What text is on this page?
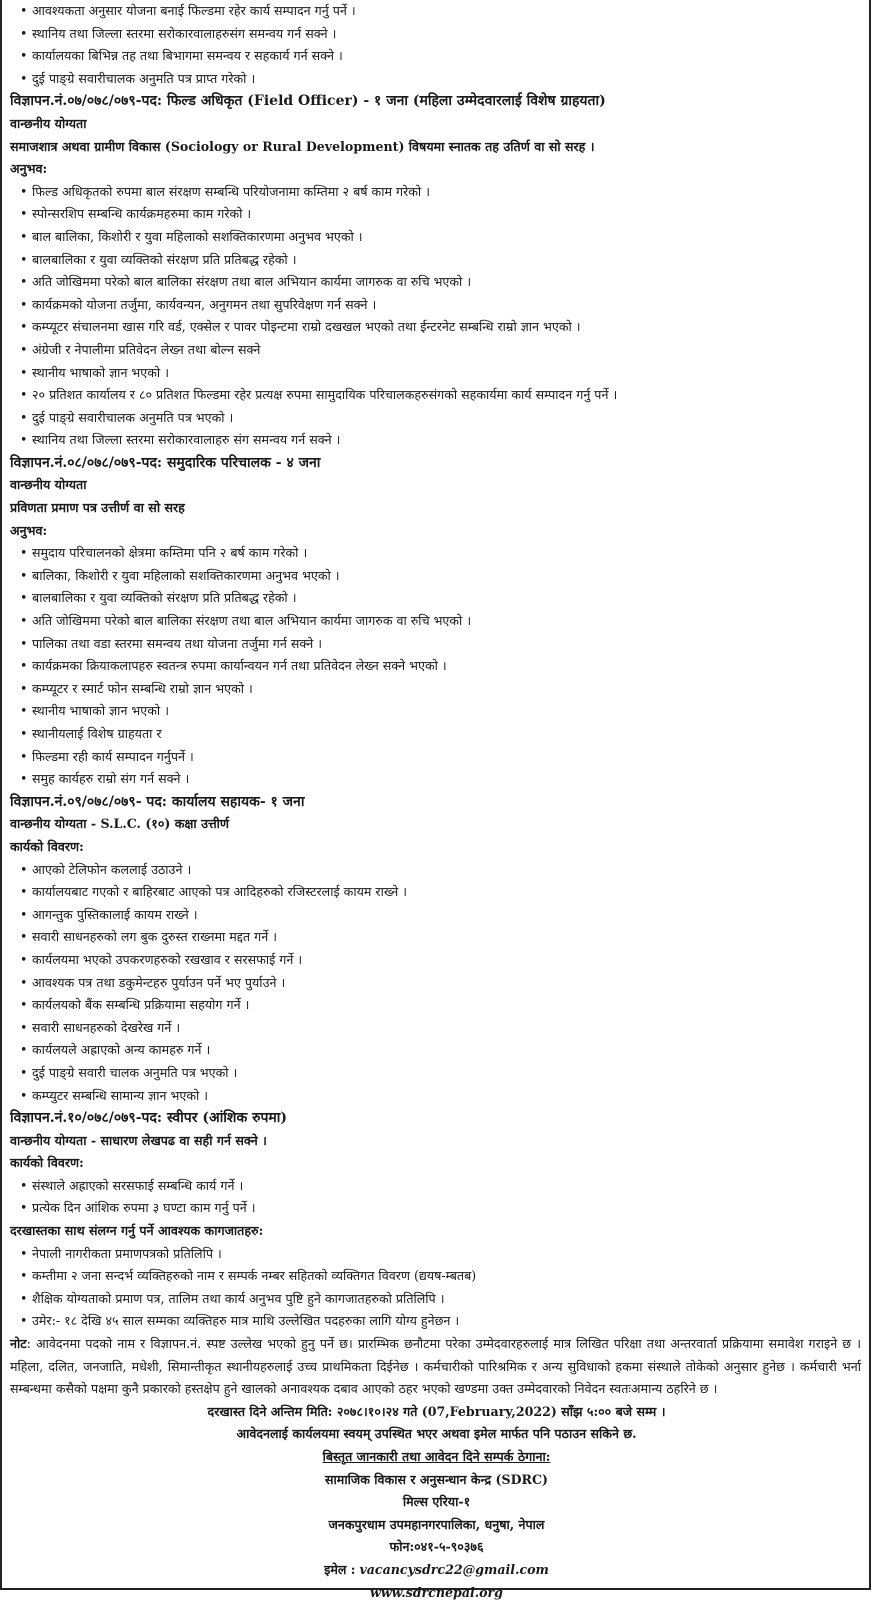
• आवश्यकता अनुसार योजना बनाई फिल्डमा रहेर कार्य सम्पादन गर्नु पर्ने ।
• स्थानिय तथा जिल्ला स्तरमा सरोकारवालाहरुसंग समन्वय गर्न सक्ने ।
• कार्यालयका बिभिन्न तह तथा बिभागमा समन्वय र सहकार्य गर्न सक्ने ।
• दुई पाङ्ग्रे सवारीचालक अनुमति पत्र प्राप्त गरेको ।
विज्ञापन.नं.०७/०७८/०७९-पद: फिल्ड अधिकृत (Field Officer) - १ जना (महिला उम्मेदवारलाई विशेष ग्राहयता)
वान्छनीय योग्यता
समाजशात्र अथवा ग्रामीण विकास (Sociology or Rural Development) विषयमा स्नातक तह उतिर्ण वा सो सरह ।
अनुभव:
• फिल्ड अधिकृतको रुपमा बाल संरक्षण सम्बन्धि परियोजनामा कम्तिमा २ बर्ष काम गरेको ।
• स्पोन्सरशिप सम्बन्धि कार्यक्रमहरुमा काम गरेको ।
• बाल बालिका, किशोरी र युवा महिलाको सशक्तिकारणमा अनुभव भएको ।
• बालबालिका र युवा व्यक्तिको संरक्षण प्रति प्रतिबद्ध रहेको ।
• अति जोखिममा परेको बाल बालिका संरक्षण तथा बाल अभियान कार्यमा जागरुक वा रुचि भएको ।
• कार्यक्रमको योजना तर्जुमा, कार्यवन्यन, अनुगमन तथा सुपरिवेक्षण गर्न सक्ने ।
• कम्प्यूटर संचालनमा खास गरि वर्ड, एक्सेल र पावर पोइन्टमा राम्रो दखखल भएको तथा ईन्टरनेट सम्बन्धि राम्रो ज्ञान भएको ।
• अंग्रेजी र नेपालीमा प्रतिवेदन लेख्न तथा बोल्न सक्ने
• स्थानीय भाषाको ज्ञान भएको ।
• २० प्रतिशत कार्यालय र ८० प्रतिशत फिल्डमा रहेर प्रत्यक्ष रुपमा सामुदायिक परिचालकहरुसंगको सहकार्यमा कार्य सम्पादन गर्नु पर्ने ।
• दुई पाङ्ग्रे सवारीचालक अनुमति पत्र भएको ।
• स्थानिय तथा जिल्ला स्तरमा सरोकारवालाहरु संग समन्वय गर्न सक्ने ।
विज्ञापन.नं.०८/०७८/०७९-पद: समुदारिक परिचालक - ४ जना
वान्छनीय योग्यता
प्रविणता प्रमाण पत्र उत्तीर्ण वा सो सरह
अनुभव:
• समुदाय परिचालनको क्षेत्रमा कम्तिमा पनि २ बर्ष काम गरेको ।
• बालिका, किशोरी र युवा महिलाको सशक्तिकारणमा अनुभव भएको ।
• बालबालिका र युवा व्यक्तिको संरक्षण प्रति प्रतिबद्ध रहेको ।
• अति जोखिममा परेको बाल बालिका संरक्षण तथा बाल अभियान कार्यमा जागरुक वा रुचि भएको ।
• पालिका तथा वडा स्तरमा समन्वय तथा योजना तर्जुमा गर्न सक्ने ।
• कार्यक्रमका क्रियाकलापहरु स्वतन्त्र रुपमा कार्यान्वयन गर्न तथा प्रतिवेदन लेख्न सक्ने भएको ।
• कम्प्यूटर र स्मार्ट फोन सम्बन्धि राम्रो ज्ञान भएको ।
• स्थानीय भाषाको ज्ञान भएको ।
• स्थानीयलाई विशेष ग्राहयता र
• फिल्डमा रही कार्य सम्पादन गर्नुपर्ने ।
• समुह कार्यहरु राम्रो संग गर्न सक्ने ।
विज्ञापन.नं.०९/०७८/०७९- पद: कार्यालय सहायक- १ जना
वान्छनीय योग्यता - S.L.C. (१०) कक्षा उत्तीर्ण
कार्यको विवरण:
• आएको टेलिफोन कललाई उठाउने ।
• कार्यालयबाट गएको र बाहिरबाट आएको पत्र आदिहरुको रजिस्टरलाई कायम राख्ने ।
• आगन्तुक पुस्तिकालाई कायम राख्ने ।
• सवारी साधनहरुको लग बुक दुरुस्त राख्नमा मद्दत गर्ने ।
• कार्यलयमा भएको उपकरणहरुको रखखाव र सरसफाई गर्ने ।
• आवश्यक पत्र तथा डकुमेन्टहरु पुर्याउन पर्ने भए पुर्याउने ।
• कार्यलयको बैंक सम्बन्धि प्रक्रियामा सहयोग गर्ने ।
• सवारी साधनहरुको देखरेख गर्ने ।
• कार्यलयले अह्राएको अन्य कामहरु गर्ने ।
• दुई पाङ्ग्रे सवारी चालक अनुमति पत्र भएको ।
• कम्प्युटर सम्बन्धि सामान्य ज्ञान भएको ।
विज्ञापन.नं.१०/०७८/०७९-पद: स्वीपर (आंशिक रुपमा)
वान्छनीय योग्यता - साधारण लेखपढ वा सही गर्न सक्ने ।
कार्यको विवरण:
• संस्थाले अह्राएको सरसफाई सम्बन्धि कार्य गर्ने ।
• प्रत्येक दिन आंशिक रुपमा ३ घण्टा काम गर्नु पर्ने ।
दरखास्तका साथ संलग्न गर्नु पर्ने आवश्यक कागजातहरु:
• नेपाली नागरीकता प्रमाणपत्रको प्रतिलिपि ।
• कम्तीमा २ जना सन्दर्भ व्यक्तिहरुको नाम र सम्पर्क नम्बर सहितको व्यक्तिगत विवरण (द्ययष-म्बतब)
• शैक्षिक योग्यताको प्रमाण पत्र, तालिम तथा कार्य अनुभव पुष्टि हुने कागजातहरुको प्रतिलिपि ।
• उमेर:- १८ देखि ४५ साल सम्मका व्यक्तिहरु मात्र माथि उल्लेखित पदहरुका लागि योग्य हुनेछन ।
नोट: आवेदनमा पदको नाम र विज्ञापन.नं. स्पष्ट उल्लेख भएको हुनु पर्ने छ। प्रारम्भिक छनौटमा परेका उम्मेदवारहरुलाई मात्र लिखित परिक्षा तथा अन्तरवार्ता प्रक्रियामा समावेश गराइने छ । महिला, दलित, जनजाति, मधेशी, सिमान्तीकृत स्थानीयहरुलाई उच्च प्राथमिकता दिईनेछ । कर्मचारीको पारिश्रमिक र अन्य सुविधाको हकमा संस्थाले तोकेको अनुसार हुनेछ । कर्मचारी भर्ना सम्बन्धमा कसैको पक्षमा कुनै प्रकारको हस्तक्षेप हुने खालको अनावश्यक दबाव आएको ठहर भएको खण्डमा उक्त उम्मेदवारको निवेदन स्वतःअमान्य ठहरिने छ ।
दरखास्त दिने अन्तिम मिति: २०७८।१०।२४ गते (07,February,2022) साँझ ५:०० बजे सम्म ।
आवेदनलाई कार्यलयमा स्वयम् उपस्थित भएर अथवा इमेल मार्फत पनि पठाउन सकिने छ.
बिस्तृत जानकारी तथा आवेदन दिने सम्पर्क ठेगाना:
सामाजिक विकास र अनुसन्धान केन्द्र (SDRC)
मिल्स एरिया-१
जनकपुरधाम उपमहानगरपालिका, धनुषा, नेपाल
फोन:०४१-५-९०३७६
इमेल : vacancysdrc22@gmail.com
www.sdrcnepal.org
